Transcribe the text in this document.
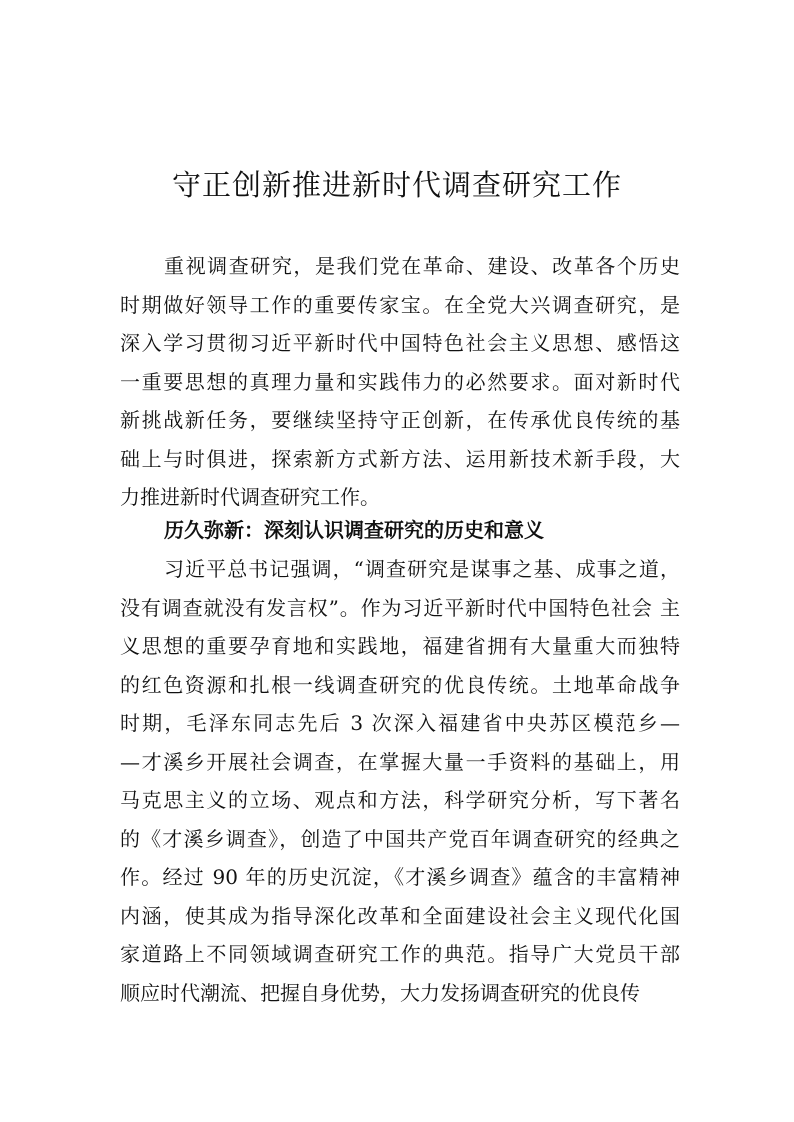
守正创新推进新时代调查研究工作
重视调查研究，是我们党在革命、建设、改革各个历史
时期做好领导工作的重要传家宝。在全党大兴调查研究，是
深入学习贯彻习近平新时代中国特色社会主义思想、感悟这
一重要思想的真理力量和实践伟力的必然要求。面对新时代
新挑战新任务，要继续坚持守正创新，在传承优良传统的基
础上与时俱进，探索新方式新方法、运用新技术新手段，大
力推进新时代调查研究工作。
历久弥新：深刻认识调查研究的历史和意义
习近平总书记强调，“调查研究是谋事之基、成事之道，
没有调查就没有发言权”。作为习近平新时代中国特色社会 主
义思想的重要孕育地和实践地，福建省拥有大量重大而独特
的红色资源和扎根一线调查研究的优良传统。土地革命战争
时期，毛泽东同志先后 3 次深入福建省中央苏区模范乡—
—才溪乡开展社会调查，在掌握大量一手资料的基础上，用
马克思主义的立场、观点和方法，科学研究分析，写下著名
的《才溪乡调查》，创造了中国共产党百年调查研究的经典之
作。经过 90 年的历史沉淀，《才溪乡调查》蕴含的丰富精神
内涵，使其成为指导深化改革和全面建设社会主义现代化国
家道路上不同领域调查研究工作的典范。指导广大党员干部
顺应时代潮流、把握自身优势，大力发扬调查研究的优良传
